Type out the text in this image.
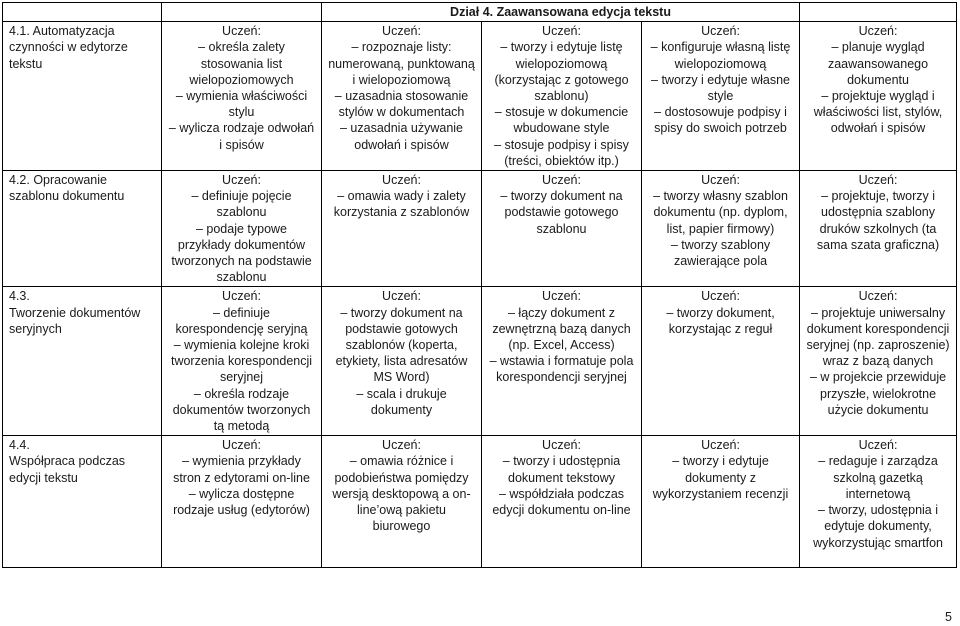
		Dział 4. Zaawansowana edycja tekstu			

4.1. Automatyzacja
czynności w edytorze
tekstu	Uczeń:
– określa zalety stosowania list wielopoziomowych
– wymienia właściwości stylu
– wylicza rodzaje odwołań i spisów	Uczeń:
– rozpoznaje listy: numerowaną, punktowaną i wielopoziomową
– uzasadnia stosowanie stylów w dokumentach
– uzasadnia używanie odwołań i spisów	Uczeń:
– tworzy i edytuje listę wielopoziomową (korzystając z gotowego szablonu)
– stosuje w dokumencie wbudowane style
– stosuje podpisy i spisy (treści, obiektów itp.)	Uczeń:
– konfiguruje własną listę wielopoziomową
– tworzy i edytuje własne style
– dostosowuje podpisy i spisy do swoich potrzeb	Uczeń:
– planuje wygląd zaawansowanego dokumentu
– projektuje wygląd i właściwości list, stylów, odwołań i spisów

4.2. Opracowanie
szablonu dokumentu	Uczeń:
– definiuje pojęcie szablonu
– podaje typowe przykłady dokumentów tworzonych na podstawie szablonu	Uczeń:
– omawia wady i zalety korzystania z szablonów	Uczeń:
– tworzy dokument na podstawie gotowego szablonu	Uczeń:
– tworzy własny szablon dokumentu (np. dyplom, list, papier firmowy)
– tworzy szablony zawierające pola	Uczeń:
– projektuje, tworzy i udostępnia szablony druków szkolnych (ta sama szata graficzna)

4.3.
Tworzenie dokumentów
seryjnych	Uczeń:
– definiuje korespondencję seryjną
– wymienia kolejne kroki tworzenia korespondencji seryjnej
– określa rodzaje dokumentów tworzonych tą metodą	Uczeń:
– tworzy dokument na podstawie gotowych szablonów (koperta, etykiety, lista adresatów MS Word)
– scala i drukuje dokumenty	Uczeń:
– łączy dokument z zewnętrzną bazą danych (np. Excel, Access)
– wstawia i formatuje pola korespondencji seryjnej	Uczeń:
– tworzy dokument, korzystając z reguł	Uczeń:
– projektuje uniwersalny dokument korespondencji seryjnej (np. zaproszenie) wraz z bazą danych
– w projekcie przewiduje przyszłe, wielokrotne użycie dokumentu

4.4.
Współpraca podczas
edycji tekstu	Uczeń:
– wymienia przykłady stron z edytorami on-line
– wylicza dostępne rodzaje usług (edytorów)	Uczeń:
– omawia różnice i podobieństwa pomiędzy wersją desktopową a on-line’ową pakietu biurowego	Uczeń:
– tworzy i udostępnia dokument tekstowy
– współdziała podczas edycji dokumentu on-line	Uczeń:
– tworzy i edytuje dokumenty z wykorzystaniem recenzji	Uczeń:
– redaguje i zarządza szkolną gazetką internetową
– tworzy, udostępnia i edytuje dokumenty, wykorzystując smartfon
5
